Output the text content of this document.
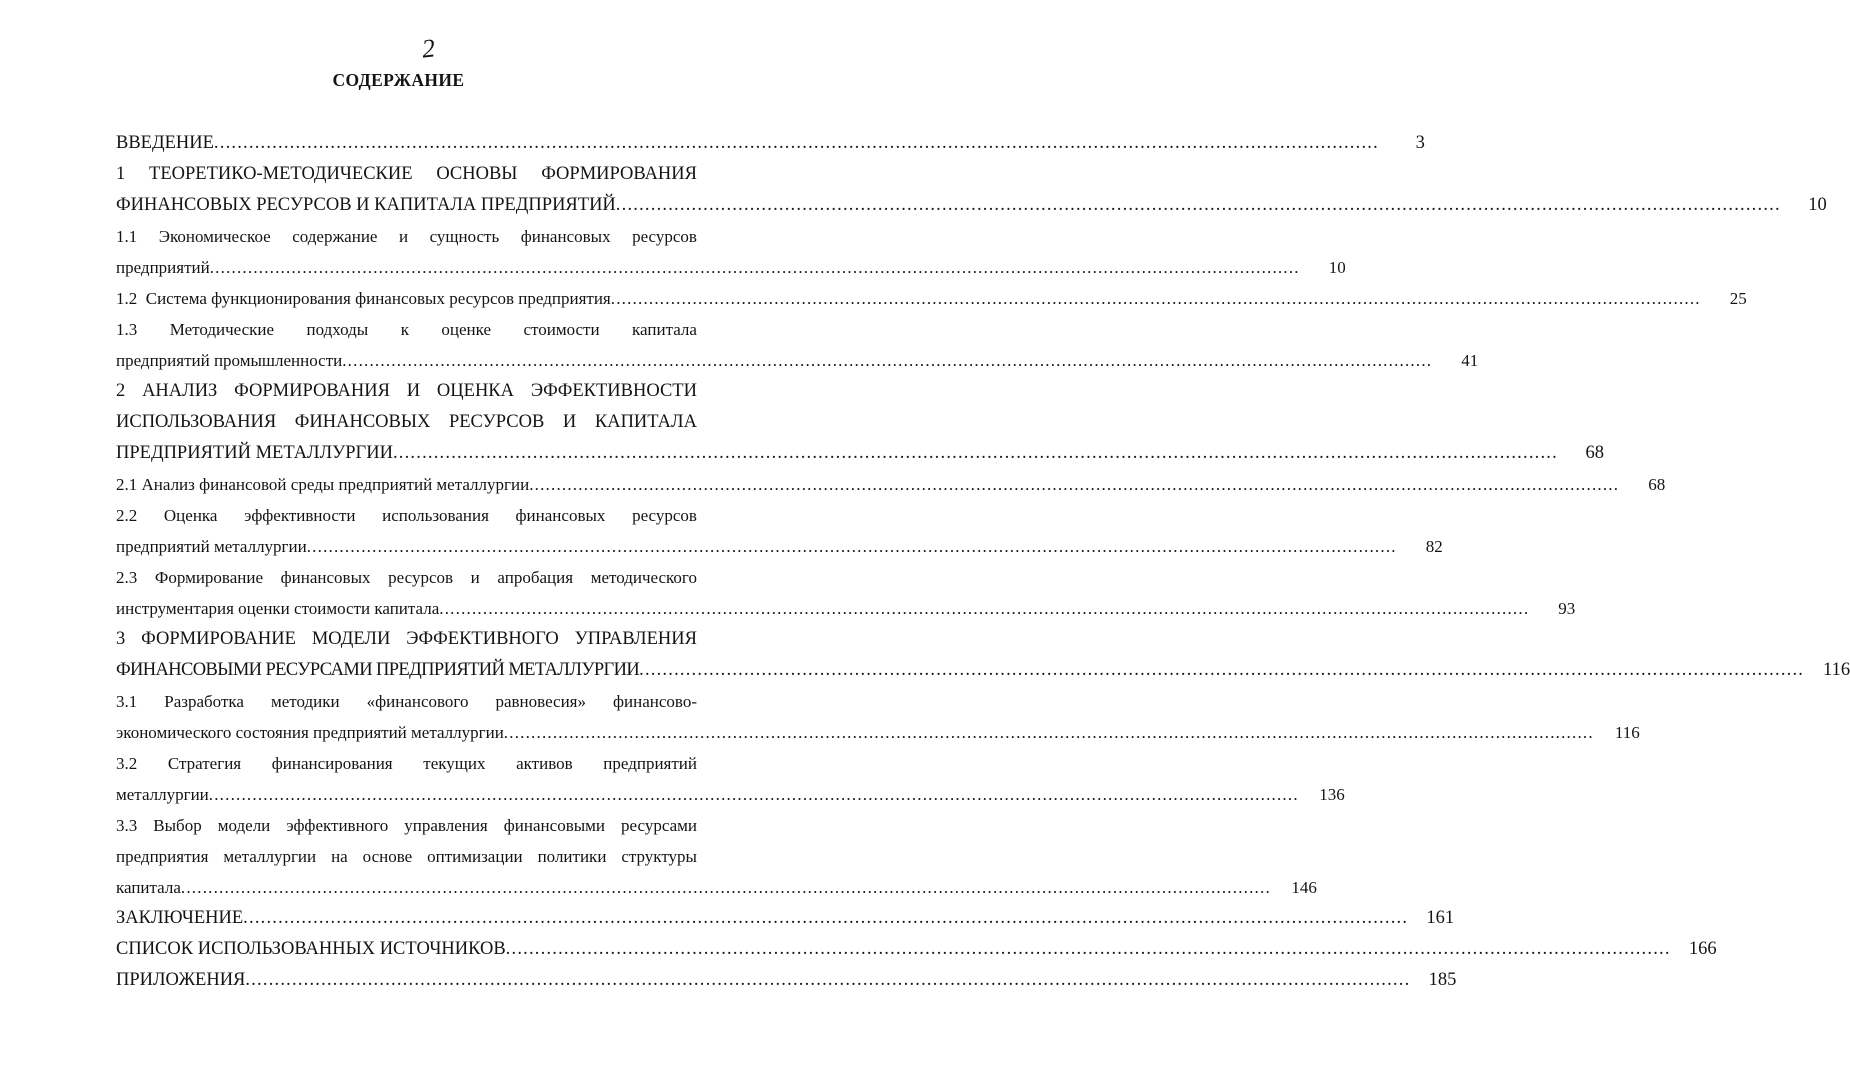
2
СОДЕРЖАНИЕ
ВВЕДЕНИЕ ........................................................................................................................................................................................................	3
1 ТЕОРЕТИКО-МЕТОДИЧЕСКИЕ ОСНОВЫ ФОРМИРОВАНИЯ
ФИНАНСОВЫХ РЕСУРСОВ И КАПИТАЛА ПРЕДПРИЯТИЙ ........................................................................................................................................................................................................	10
1.1 Экономическое содержание и сущность финансовых ресурсов
предприятий ........................................................................................................................................................................................................	10
1.2  Система функционирования финансовых ресурсов предприятия ........................................................................................................................................................................................................	25
1.3 Методические подходы к оценке стоимости капитала
предприятий промышленности ........................................................................................................................................................................................................	41
2 АНАЛИЗ ФОРМИРОВАНИЯ И ОЦЕНКА ЭФФЕКТИВНОСТИ
ИСПОЛЬЗОВАНИЯ ФИНАНСОВЫХ РЕСУРСОВ И КАПИТАЛА
ПРЕДПРИЯТИЙ МЕТАЛЛУРГИИ ........................................................................................................................................................................................................	68
2.1 Анализ финансовой среды предприятий металлургии ........................................................................................................................................................................................................	68
2.2 Оценка эффективности использования финансовых ресурсов
предприятий металлургии ........................................................................................................................................................................................................	82
2.3 Формирование финансовых ресурсов и апробация методического
инструментария оценки стоимости капитала ........................................................................................................................................................................................................	93
3 ФОРМИРОВАНИЕ МОДЕЛИ ЭФФЕКТИВНОГО УПРАВЛЕНИЯ
ФИНАНСОВЫМИ РЕСУРСАМИ ПРЕДПРИЯТИЙ МЕТАЛЛУРГИИ ........................................................................................................................................................................................................	116
3.1 Разработка методики «финансового равновесия» финансово-
экономического состояния предприятий металлургии ........................................................................................................................................................................................................	116
3.2 Стратегия финансирования текущих активов предприятий
металлургии ........................................................................................................................................................................................................	136
3.3 Выбор модели эффективного управления финансовыми ресурсами
предприятия металлургии на основе оптимизации политики структуры
капитала ........................................................................................................................................................................................................	146
ЗАКЛЮЧЕНИЕ ........................................................................................................................................................................................................ 161
СПИСОК ИСПОЛЬЗОВАННЫХ ИСТОЧНИКОВ ........................................................................................................................................................................................................ 166
ПРИЛОЖЕНИЯ ........................................................................................................................................................................................................ 185
